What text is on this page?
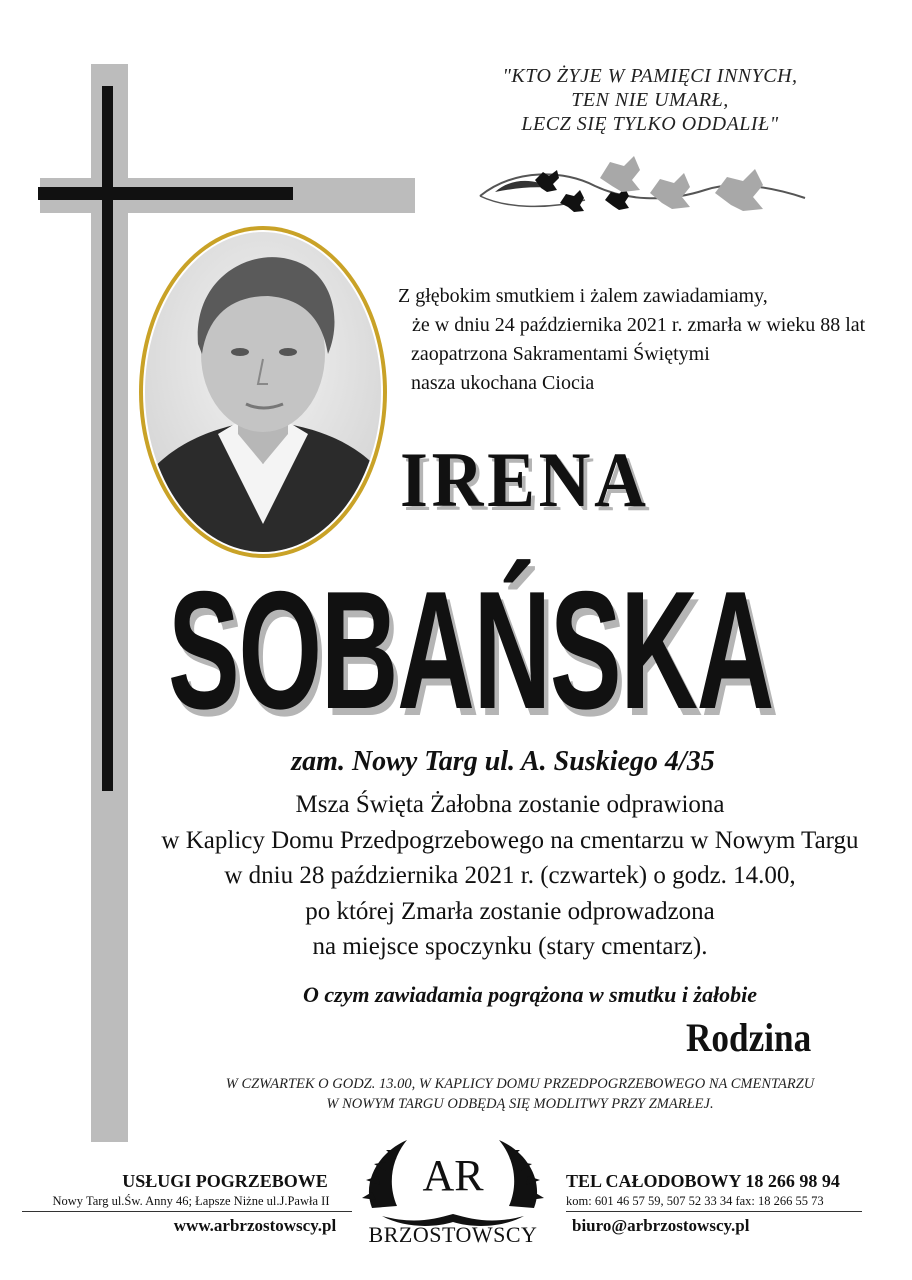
"KTO ŻYJE W PAMIĘCI INNYCH,
TEN NIE UMARŁ,
LECZ SIĘ TYLKO ODDALIŁ"
Z głębokim smutkiem i żalem zawiadamiamy,
że w dniu 24 października 2021 r. zmarła w wieku 88 lat
zaopatrzona Sakramentami Świętymi
nasza ukochana Ciocia
IRENA
SOBAŃSKA
zam. Nowy Targ ul. A. Suskiego 4/35
Msza Święta Żałobna zostanie odprawiona
w Kaplicy Domu Przedpogrzebowego na cmentarzu w Nowym Targu
w dniu 28 października 2021 r. (czwartek) o godz. 14.00,
po której Zmarła zostanie odprowadzona
na miejsce spoczynku (stary cmentarz).
O czym zawiadamia pogrążona w smutku i żałobie
Rodzina
W CZWARTEK O GODZ. 13.00, W KAPLICY DOMU PRZEDPOGRZEBOWEGO NA CMENTARZU
W NOWYM TARGU ODBĘDĄ SIĘ MODLITWY PRZY ZMARŁEJ.
USŁUGI POGRZEBOWE
Nowy Targ ul.Św. Anny 46; Łapsze Niżne ul.J.Pawła II
www.arbrzostowscy.pl
AR
BRZOSTOWSCY
TEL CAŁODOBOWY 18 266 98 94
kom: 601 46 57 59, 507 52 33 34 fax: 18 266 55 73
biuro@arbrzostowscy.pl
